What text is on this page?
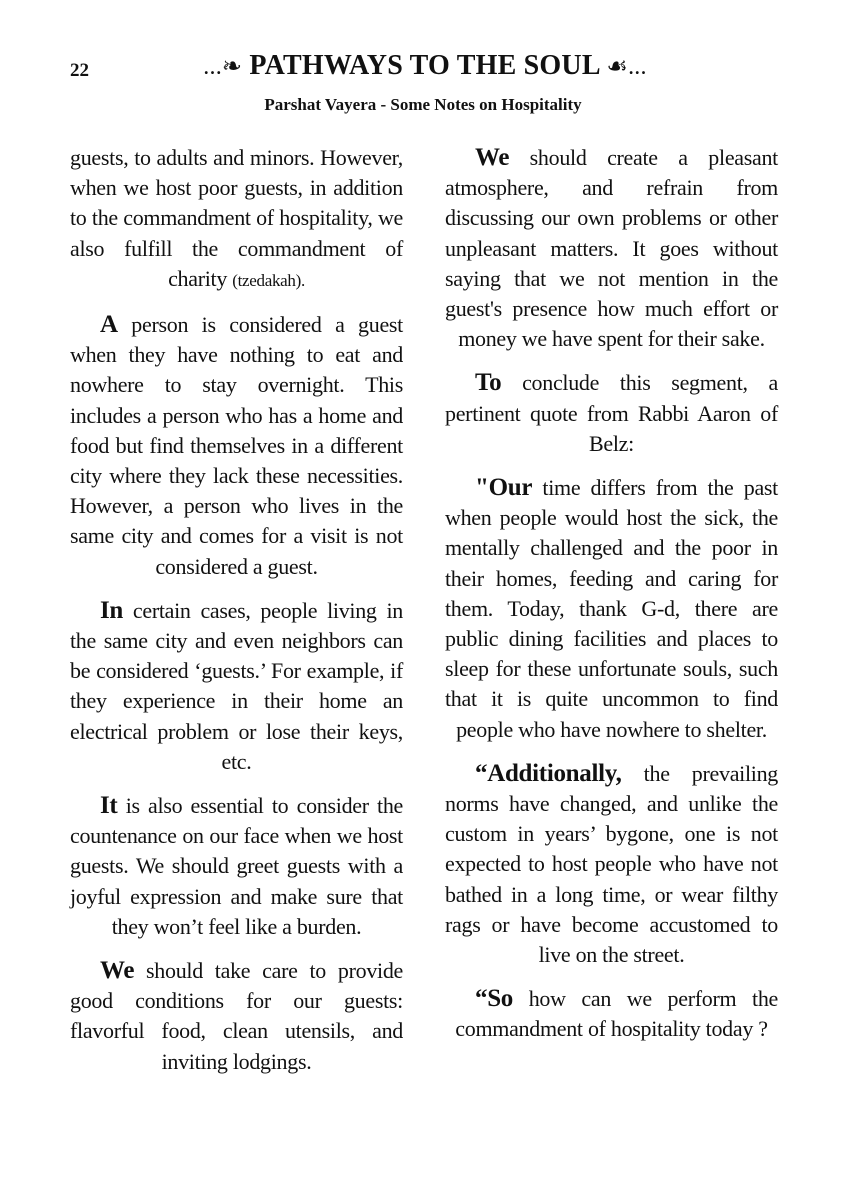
22	...❧ PATHWAYS TO THE SOUL ☙...
Parshat Vayera - Some Notes on Hospitality

guests, to adults and minors. However, when we host poor guests, in addition to the commandment of hospitality, we also fulfill the commandment of charity (tzedakah).

A person is considered a guest when they have nothing to eat and nowhere to stay overnight. This includes a person who has a home and food but find themselves in a different city where they lack these necessities. However, a person who lives in the same city and comes for a visit is not considered a guest.

In certain cases, people living in the same city and even neighbors can be considered ‘guests.’ For example, if they experience in their home an electrical problem or lose their keys, etc.

It is also essential to consider the countenance on our face when we host guests. We should greet guests with a joyful expression and make sure that they won’t feel like a burden.

We should take care to provide good conditions for our guests: flavorful food, clean utensils, and inviting lodgings.

We should create a pleasant atmosphere, and refrain from discussing our own problems or other unpleasant matters. It goes without saying that we not mention in the guest's presence how much effort or money we have spent for their sake.

To conclude this segment, a pertinent quote from Rabbi Aaron of Belz:

"Our time differs from the past when people would host the sick, the mentally challenged and the poor in their homes, feeding and caring for them. Today, thank G-d, there are public dining facilities and places to sleep for these unfortunate souls, such that it is quite uncommon to find people who have nowhere to shelter.

“Additionally, the prevailing norms have changed, and unlike the custom in years’ bygone, one is not expected to host people who have not bathed in a long time, or wear filthy rags or have become accustomed to live on the street.

“So how can we perform the commandment of hospitality today ?
